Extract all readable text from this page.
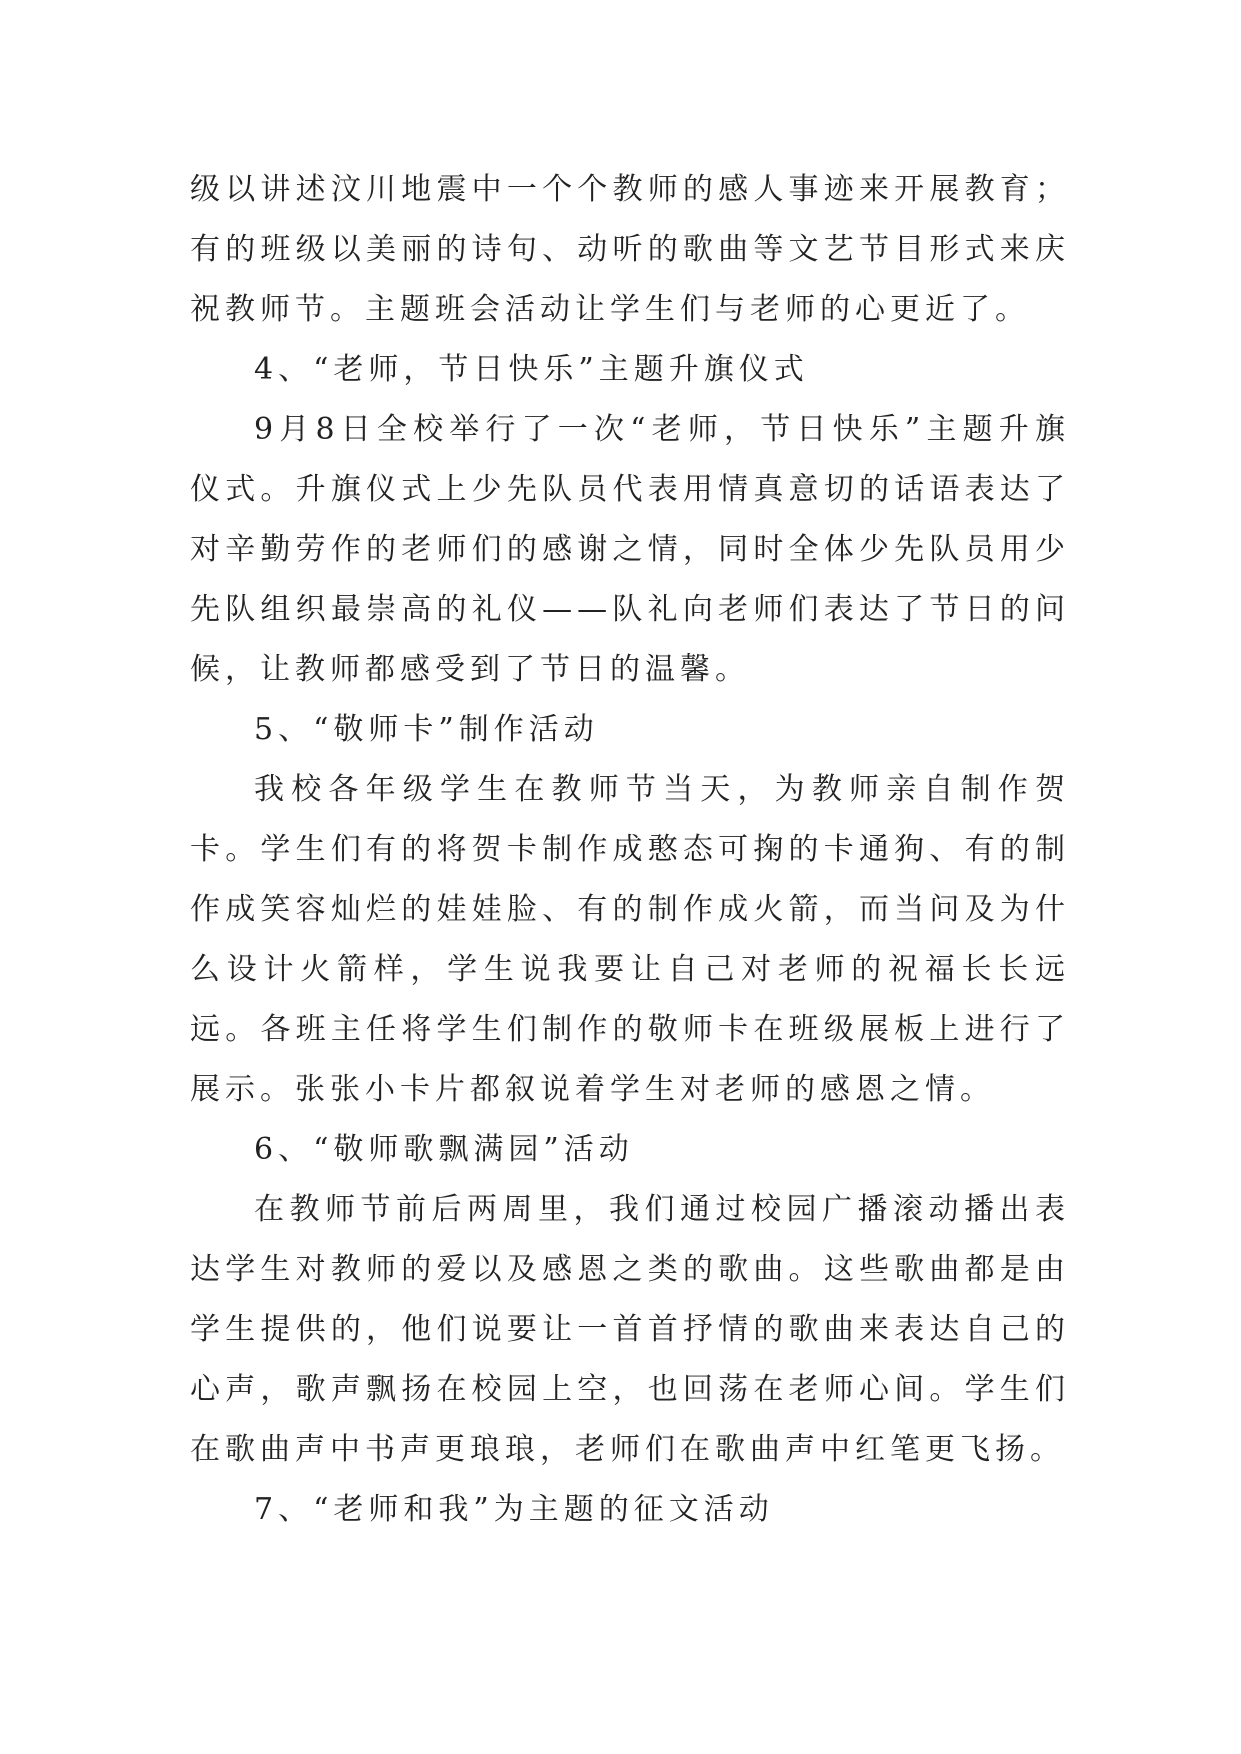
级以讲述汶川地震中一个个教师的感人事迹来开展教育；有的班级以美丽的诗句、动听的歌曲等文艺节目形式来庆祝教师节。主题班会活动让学生们与老师的心更近了。

4、“老师，节日快乐”主题升旗仪式

9月8日全校举行了一次“老师，节日快乐”主题升旗仪式。升旗仪式上少先队员代表用情真意切的话语表达了对辛勤劳作的老师们的感谢之情，同时全体少先队员用少先队组织最崇高的礼仪——队礼向老师们表达了节日的问候，让教师都感受到了节日的温馨。

5、“敬师卡”制作活动

我校各年级学生在教师节当天，为教师亲自制作贺卡。学生们有的将贺卡制作成憨态可掬的卡通狗、有的制作成笑容灿烂的娃娃脸、有的制作成火箭，而当问及为什么设计火箭样，学生说我要让自己对老师的祝福长长远远。各班主任将学生们制作的敬师卡在班级展板上进行了展示。张张小卡片都叙说着学生对老师的感恩之情。

6、“敬师歌飘满园”活动

在教师节前后两周里，我们通过校园广播滚动播出表达学生对教师的爱以及感恩之类的歌曲。这些歌曲都是由学生提供的，他们说要让一首首抒情的歌曲来表达自己的心声，歌声飘扬在校园上空，也回荡在老师心间。学生们在歌曲声中书声更琅琅，老师们在歌曲声中红笔更飞扬。

7、“老师和我”为主题的征文活动
